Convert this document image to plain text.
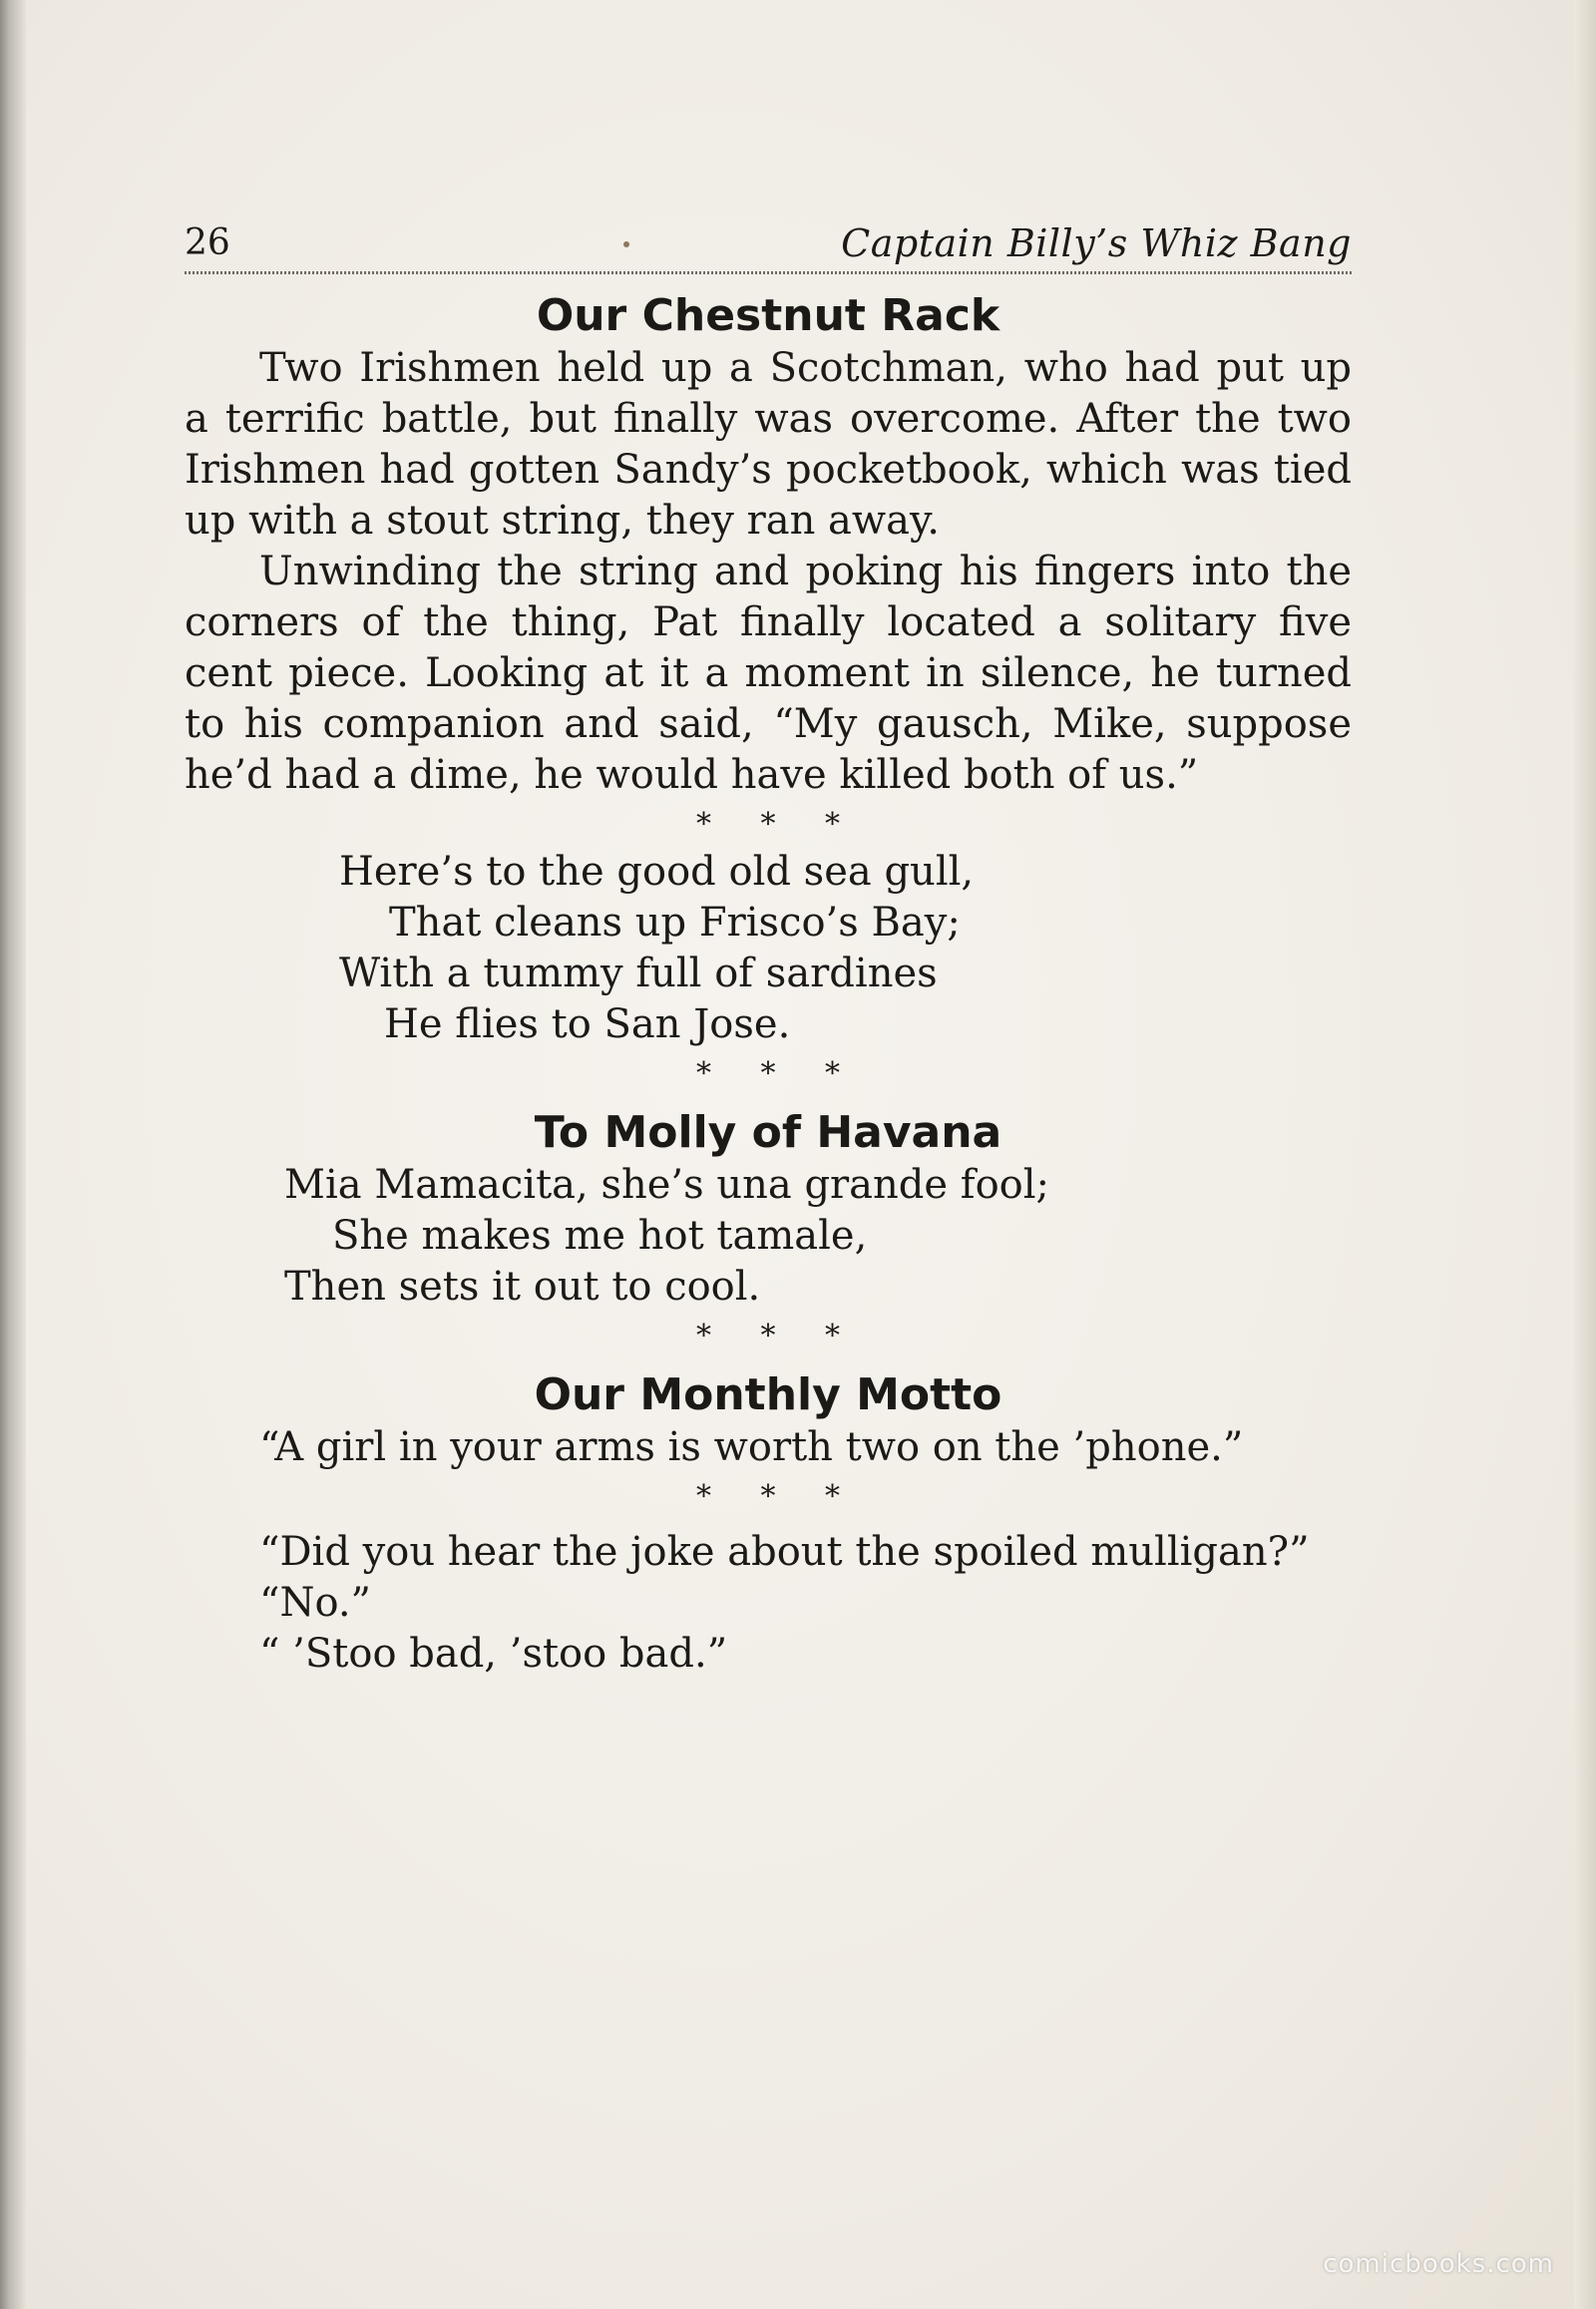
26	Captain Billy’s Whiz Bang
Our Chestnut Rack

Two Irishmen held up a Scotchman, who had put up a terrific battle, but finally was overcome. After the two Irishmen had gotten Sandy’s pocketbook, which was tied up with a stout string, they ran away.

Unwinding the string and poking his fingers into the corners of the thing, Pat finally located a solitary five cent piece. Looking at it a moment in silence, he turned to his companion and said, “My gausch, Mike, suppose he’d had a dime, he would have killed both of us.”

* * *
Here’s to the good old sea gull,
That cleans up Frisco’s Bay;
With a tummy full of sardines
He flies to San Jose.
* * *
To Molly of Havana
Mia Mamacita, she’s una grande fool;
She makes me hot tamale,
Then sets it out to cool.
* * *
Our Monthly Motto

“A girl in your arms is worth two on the ’phone.”

* * *

“Did you hear the joke about the spoiled mulligan?”

“No.”

“ ’Stoo bad, ’stoo bad.”

comicbooks.com
